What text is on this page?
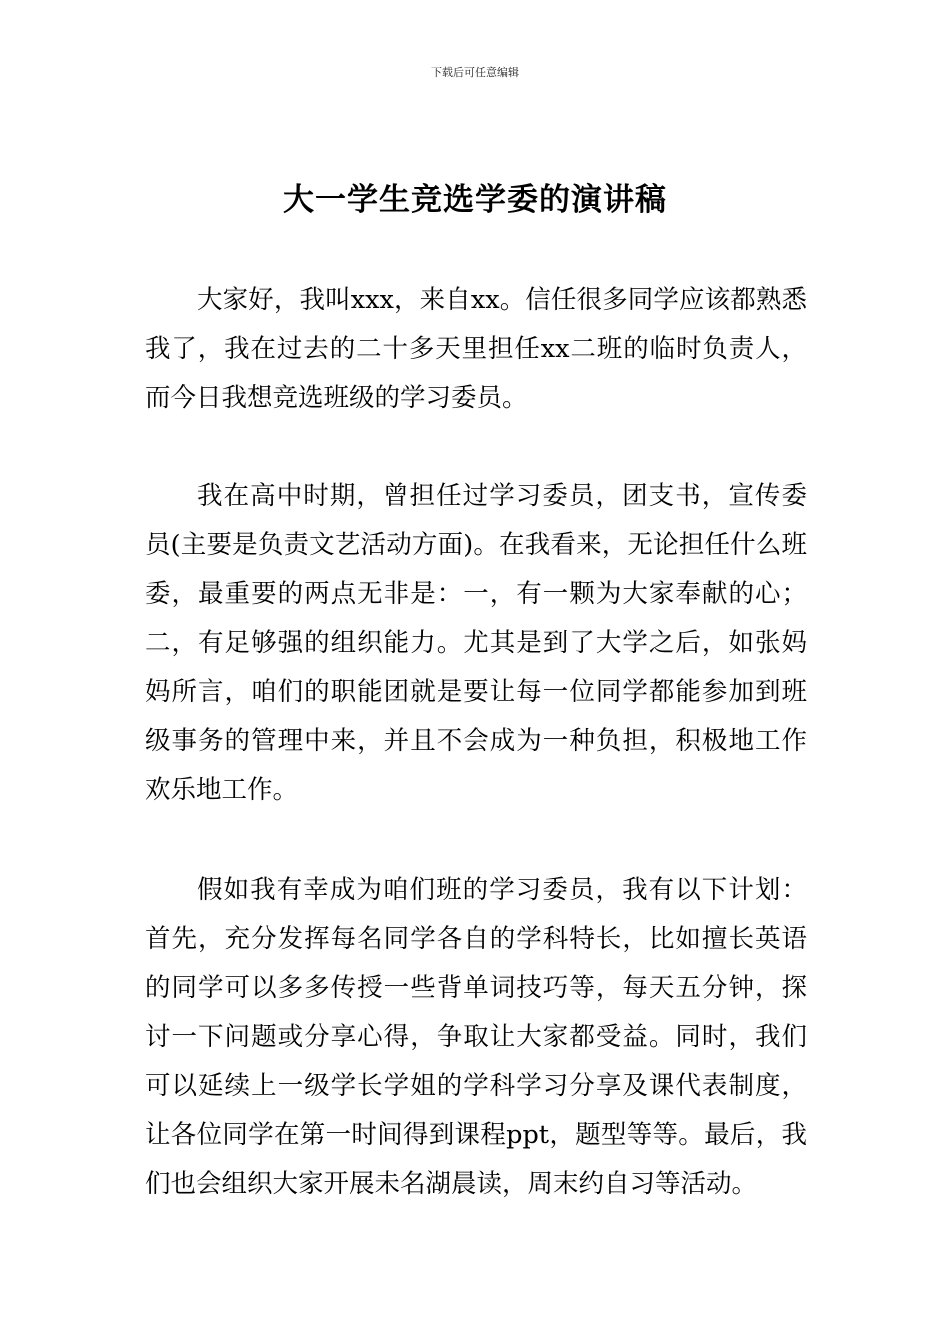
下载后可任意编辑
大一学生竞选学委的演讲稿

大家好，我叫xxx，来自xx。信任很多同学应该都熟悉我了，我在过去的二十多天里担任xx二班的临时负责人，而今日我想竞选班级的学习委员。

我在高中时期，曾担任过学习委员，团支书，宣传委员(主要是负责文艺活动方面)。在我看来，无论担任什么班委，最重要的两点无非是：一，有一颗为大家奉献的心；二，有足够强的组织能力。尤其是到了大学之后，如张妈妈所言，咱们的职能团就是要让每一位同学都能参加到班级事务的管理中来，并且不会成为一种负担，积极地工作欢乐地工作。

假如我有幸成为咱们班的学习委员，我有以下计划：首先，充分发挥每名同学各自的学科特长，比如擅长英语的同学可以多多传授一些背单词技巧等，每天五分钟，探讨一下问题或分享心得，争取让大家都受益。同时，我们可以延续上一级学长学姐的学科学习分享及课代表制度，让各位同学在第一时间得到课程ppt，题型等等。最后，我们也会组织大家开展未名湖晨读，周末约自习等活动。
